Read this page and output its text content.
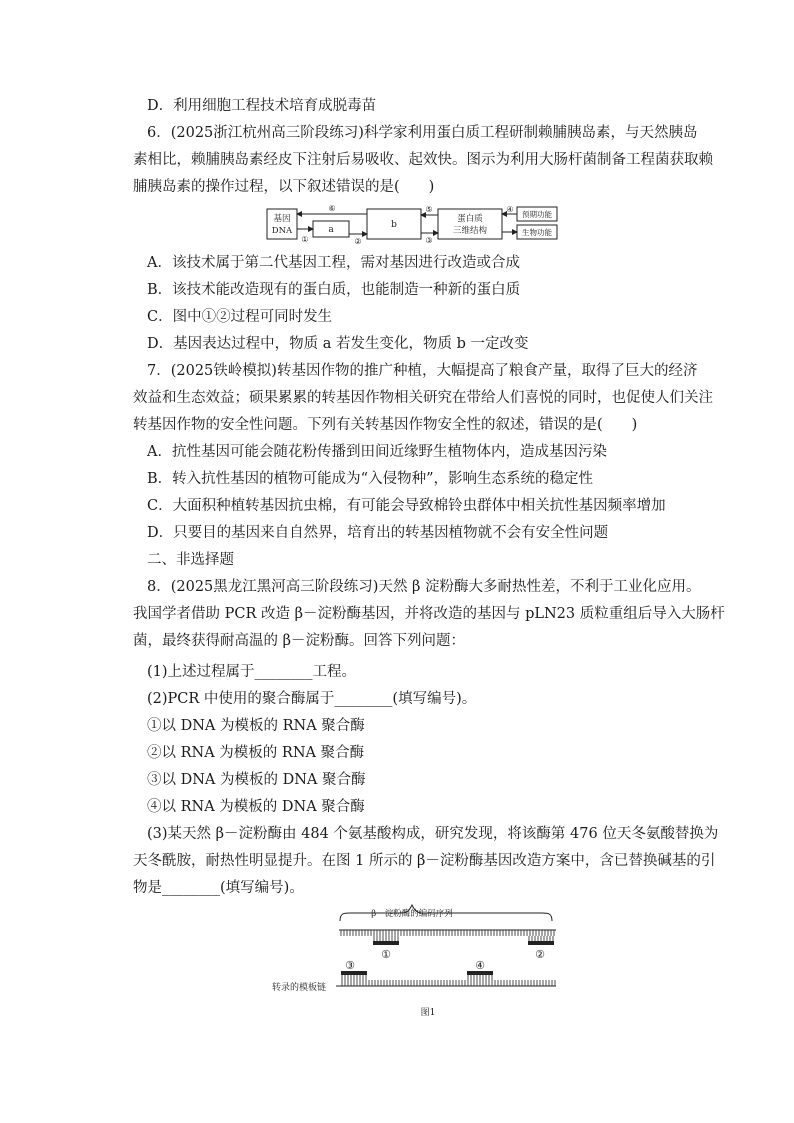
D．利用细胞工程技术培育成脱毒苗
6．(2025浙江杭州高三阶段练习)科学家利用蛋白质工程研制赖脯胰岛素，与天然胰岛
素相比，赖脯胰岛素经皮下注射后易吸收、起效快。图示为利用大肠杆菌制备工程菌获取赖
脯胰岛素的操作过程，以下叙述错误的是(　　)
基因
DNA	a	b
蛋白质
三维结构
预期功能
生物功能
①	②	③
④
⑤
⑥
A．该技术属于第二代基因工程，需对基因进行改造或合成
B．该技术能改造现有的蛋白质，也能制造一种新的蛋白质
C．图中①②过程可同时发生
D．基因表达过程中，物质 a 若发生变化，物质 b 一定改变
7．(2025铁岭模拟)转基因作物的推广种植，大幅提高了粮食产量，取得了巨大的经济
效益和生态效益；硕果累累的转基因作物相关研究在带给人们喜悦的同时，也促使人们关注
转基因作物的安全性问题。下列有关转基因作物安全性的叙述，错误的是(　　)
A．抗性基因可能会随花粉传播到田间近缘野生植物体内，造成基因污染
B．转入抗性基因的植物可能成为“入侵物种”，影响生态系统的稳定性
C．大面积种植转基因抗虫棉，有可能会导致棉铃虫群体中相关抗性基因频率增加
D．只要目的基因来自自然界，培育出的转基因植物就不会有安全性问题
二、非选择题
8．(2025黑龙江黑河高三阶段练习)天然 β 淀粉酶大多耐热性差，不利于工业化应用。
我国学者借助 PCR 改造 β－淀粉酶基因，并将改造的基因与 pLN23 质粒重组后导入大肠杆
菌，最终获得耐高温的 β－淀粉酶。回答下列问题：
(1)上述过程属于________工程。
(2)PCR 中使用的聚合酶属于________(填写编号)。
①以 DNA 为模板的 RNA 聚合酶
②以 RNA 为模板的 RNA 聚合酶
③以 DNA 为模板的 DNA 聚合酶
④以 RNA 为模板的 DNA 聚合酶
(3)某天然 β－淀粉酶由 484 个氨基酸构成，研究发现，将该酶第 476 位天冬氨酸替换为
天冬酰胺，耐热性明显提升。在图 1 所示的 β－淀粉酶基因改造方案中，含已替换碱基的引
物是________(填写编号)。
β－淀粉酶的编码序列
①	②
③	④
转录的模板链
图1
